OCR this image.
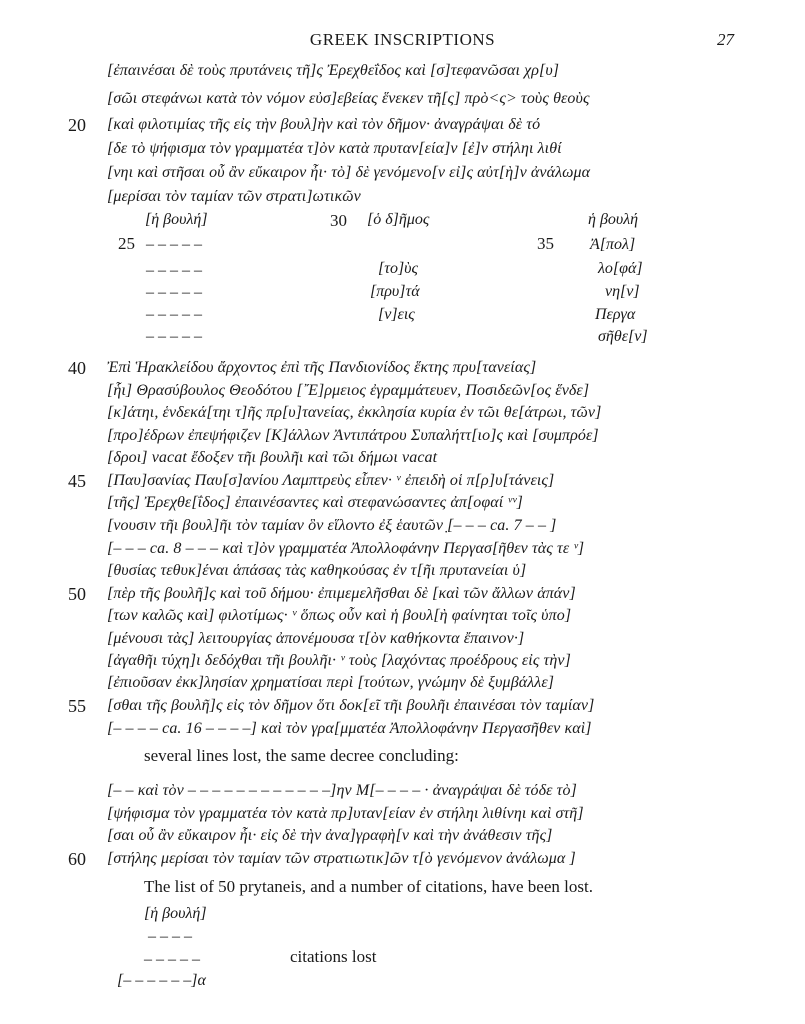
GREEK INSCRIPTIONS	27
[ἐπαινέσαι δὲ τοὺς πρυτάνεις τῆ]ς Ἐρεχθεΐδος καὶ [σ]τεφανῶσαι χρ[υ]
[σῶι στεφάνωι κατὰ τὸν νόμον εὐσ]εβείας ἕνεκεν τῆ[ς] πρὸ<ς> τοὺς θεοὺς
20 [καὶ φιλοτιμίας τῆς εἰς τὴν βουλ]ὴν καὶ τὸν δῆμον· ἀναγράψαι δὲ τό
[δε τὸ ψήφισμα τὸν γραμματέα τ]ὸν κατὰ πρυταν[εία]ν [ἐ]ν στήληι λιθί
[νηι καὶ στῆσαι οὗ ἂν εὔκαιρον ἦι· τὸ] δὲ γενόμενο[ν εἰ]ς αὐτ[ὴ]ν ἀνάλωμα
[μερίσαι τὸν ταμίαν τῶν στρατι]ωτικῶν
[ἡ βουλή]
25 – – – – –
– – – – –
– – – – –
– – – – –
– – – – –
30 [ὁ δ]ῆμος
[το]ὺς
[πρυ]τά
[ν]εις
ἡ βουλή
35 Ἀ[πολ]
λο[φά]
νη[ν]
Περγα
σῆθε[ν]
40 Ἐπὶ Ἡρακλείδου ἄρχοντος ἐπὶ τῆς Πανδιονίδος ἕκτης πρυ[τανείας]
[ἧι] Θρασύβουλος Θεοδότου [῎Ε]ρμειος ἐγραμμάτευεν, Ποσιδεῶν[ος ἕνδε]
[κ]άτηι, ἑνδεκά[τηι τ]ῆς πρ[υ]τανείας, ἐκκλησία κυρία ἐν τῶι θε[άτρωι, τῶν]
[προ]έδρων ἐπεψήφιζεν [Κ]άλλων Ἀντιπάτρου Συπαλήττ[ιο]ς καὶ [συμπρόε]
[δροι] vacat ἔδοξεν τῆι βουλῆι καὶ τῶι δήμωι vacat
45 [Παυ]σανίας Παυ[σ]ανίου Λαμπτρεὺς εἶπεν· ᵛ ἐπειδὴ οἱ π[ρ]υ[τάνεις]
[τῆς] Ἐρεχθε[ΐδος] ἐπαινέσαντες καὶ στεφανώσαντες ἀπ[οφαί ᵛᵛ]
[νουσιν τῆι βουλ]ῆι τὸν ταμίαν ὃν εἵλοντο ἐξ ἑαυτῶν ̣[– – – ca. 7 – – ]
[– – – ca. 8 – – – καὶ τ]ὸν γραμματέα Ἀπολλοφάνην Περγασ[ῆθεν τὰς τε ᵛ]
[θυσίας τεθυκ]έναι ἁπάσας τὰς καθηκούσας ἐν τ[ῆι πρυτανείαι ὑ]
50 [πὲρ τῆς βουλῆ]ς καὶ τοῦ δήμου· ἐπιμεμελῆσθαι δὲ [καὶ τῶν ἄλλων ἁπάν]
[των καλῶς καὶ] φιλοτίμως· ᵛ ὅπως οὖν καὶ ἡ βουλ[ὴ φαίνηται τοῖς ὑπο]
[μένουσι τὰς] λειτουργίας ἀπονέμουσα τ[ὸν καθήκοντα ἔπαινον·]
[ἀγαθῆι τύχη]ι δεδόχθαι τῆι βουλῆι· ᵛ τοὺς [λαχόντας προέδρους εἰς τὴν]
[ἐπιοῦσαν ἐκκ]λησίαν χρηματίσαι περὶ [τούτων, γνώμην δὲ ξυμβάλλε]
55 [σθαι τῆς βουλῆ]ς εἰς τὸν δῆμον ὅτι δοκ[εῖ τῆι βουλῆι ἐπαινέσαι τὸν ταμίαν]
[– – – – ca. 16 – – – –] καὶ τὸν γρα[μματέα Ἀπολλοφάνην Περγασῆθεν καὶ]
several lines lost, the same decree concluding:
[– – καὶ τὸν – – – – – – – – – – – –]ην Μ[– – – – · ἀναγράψαι δὲ τόδε τὸ]
[ψήφισμα τὸν γραμματέα τὸν κατὰ πρ]υταν[είαν ἐν στήληι λιθίνηι καὶ στῆ]
[σαι οὗ ἂν εὔκαιρον ἦι· εἰς δὲ τὴν ἀνα]γραφὴ[ν καὶ τὴν ἀνάθεσιν τῆς]
60 [στήλης μερίσαι τὸν ταμίαν τῶν στρατιωτικ]ῶν τ[ὸ γενόμενον ἀνάλωμα ]
The list of 50 prytaneis, and a number of citations, have been lost.
[ἡ βουλή]
– – – –
– – – – –	citations lost
[– – – – – –]α
